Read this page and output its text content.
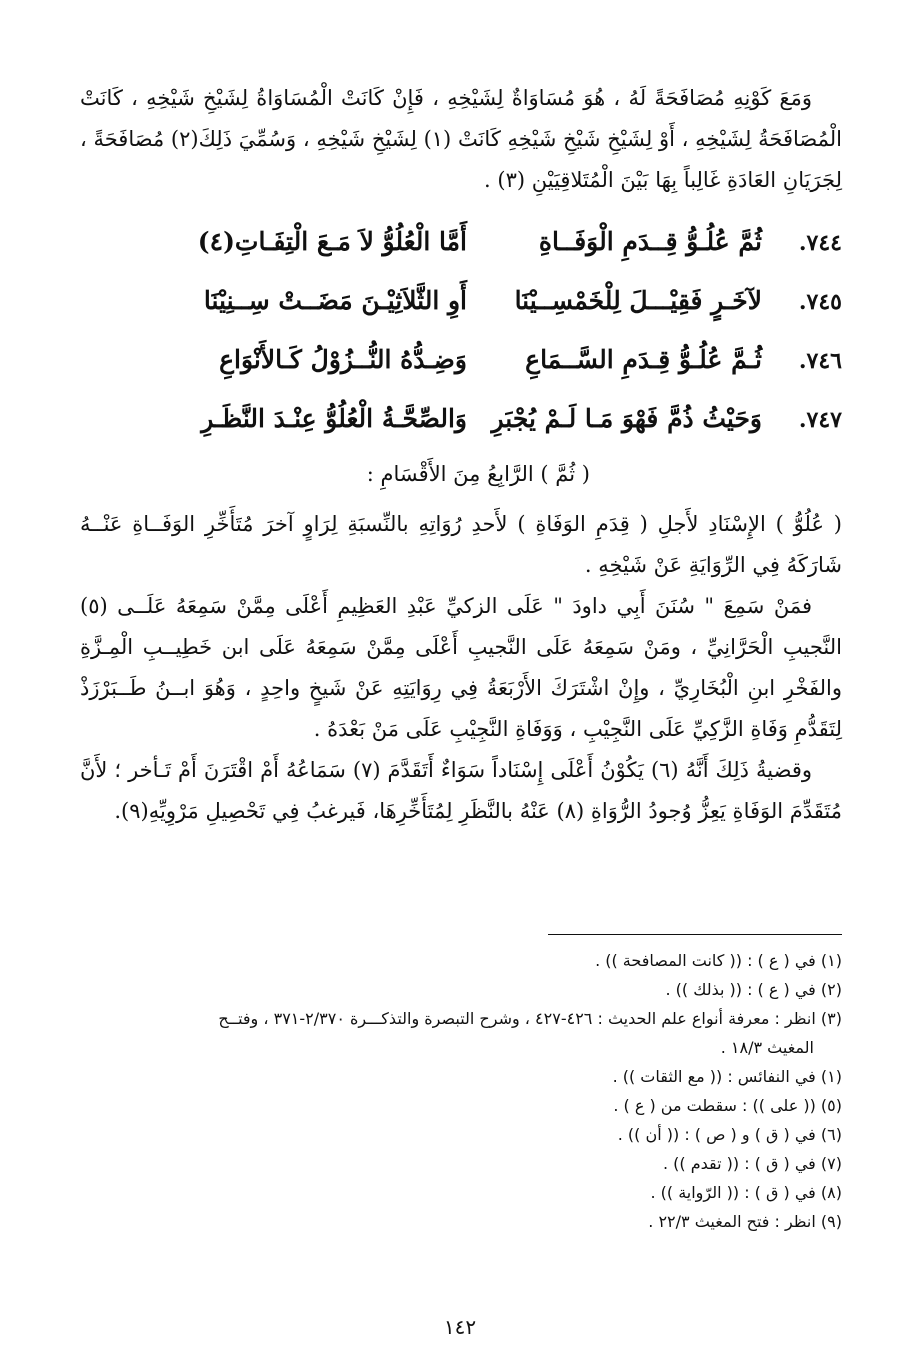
وَمَعَ كَوْنِهِ مُصَافَحَةً لَهُ ، هُوَ مُسَاوَاةٌ لِشَيْخِهِ ، فَإِنْ كَانَتْ الْمُسَاوَاةُ لِشَيْخِ شَيْخِهِ ، كَانَتْ الْمُصَافَحَةُ لِشَيْخِهِ ، أَوْ لِشَيْخِ شَيْخِ شَيْخِهِ كَانَتْ (١) لِشَيْخِ شَيْخِهِ ، وَسُمِّيَ ذَلِكَ(٢) مُصَافَحَةً ، لِجَرَيَانِ العَادَةِ غَالِباً بِهَا بَيْنَ الْمُتَلاقِيَيْنِ (٣) .

٧٤٤.
ثُمَّ عُلُـوُّ قِــدَمِ الْوَفَــاةِ
أَمَّا الْعُلُوُّ لاَ مَـعَ الْتِفَـاتِ(٤)
٧٤٥.
لآخَـرٍ فَقِيْـــلَ لِلْخَمْسِــيْنَا
أَوِ الثَّلاَثِيْـنَ مَضَــتْ سِــنِيْنَا
٧٤٦.
ثُـمَّ عُلُـوُّ قِـدَمِ السَّــمَاعِ
وَضِـدُّهُ النُّــزُوْلُ كَـالأَنْوَاعِ
٧٤٧.
وَحَيْثُ ذُمَّ فَهْوَ مَـا لَـمْ يُجْبَرِ
وَالصِّحَّـةُ الْعُلُوُّ عِنْـدَ النَّظَـرِ
( ثُمَّ ) الرَّابِعُ مِنَ الأَقْسَامِ :

( عُلُوُّ ) الإِسْنَادِ لأَجلِ ( قِدَمِ الوَفَاةِ ) لأَحدِ رُوَاتِهِ بالنِّسبَةِ لِرَاوٍ آخرَ مُتَأَخِّرِ الوَفَــاةِ عَنْــهُ شَارَكَهُ فِي الرِّوَايَةِ عَنْ شَيْخِهِ .

فمَنْ سَمِعَ " سُنَنَ أَبِي داودَ " عَلَى الزكيِّ عَبْدِ العَظِيمِ أَعْلَى مِمَّنْ سَمِعَهُ عَلَــى (٥) النَّجيبِ الْحَرَّانِيِّ ، ومَنْ سَمِعَهُ عَلَى النَّجيبِ أَعْلَى مِمَّنْ سَمِعَهُ عَلَى ابن خَطِيــبِ الْمِـزَّةِ والفَخْرِ ابنِ الْبُخَارِيِّ ، وإِنْ اشْتَرَكَ الأَرْبَعَةُ فِي رِوَايَتِهِ عَنْ شَيخٍ واحِدٍ ، وَهُوَ ابــنُ طَــبَرْزَذْ لِتَقَدُّمِ وَفَاةِ الزَّكِيِّ عَلَى النَّجِيْبِ ، وَوَفَاةِ النَّجِيْبِ عَلَى مَنْ بَعْدَهُ .

وقضيةُ ذَلِكَ أَنَّهُ (٦) يَكُوْنُ أَعْلَى إِسْنَاداً سَوَاءٌ أَتَقَدَّمَ (٧) سَمَاعُهُ أَمْ اقْتَرَنَ أَمْ تَـأخر ؛ لأَنَّ مُتَقَدِّمَ الوَفَاةِ يَعِزُّ وُجودُ الرُّوَاةِ (٨) عَنْهُ بالنَّظَرِ لِمُتَأَخِّرِهَا، فَيرغبُ فِي تَحْصِيلِ مَرْوِيِّهِ(٩).

(١) في ( ع ) : (( كانت المصافحة )) .

(٢) في ( ع ) : (( بذلك )) .

(٣) انظر : معرفة أنواع علم الحديث : ٤٢٦-٤٢٧ ، وشرح التبصرة والتذكـــرة ٢/٣٧٠-٣٧١ ، وفتــح

المغيث ١٨/٣ .

(١) في النفائس : (( مع الثقات )) .

(٥) (( على )) : سقطت من ( ع ) .

(٦) في ( ق ) و ( ص ) : (( أن )) .

(٧) في ( ق ) : (( تقدم )) .

(٨) في ( ق ) : (( الرّواية )) .

(٩) انظر : فتح المغيث ٢٢/٣ .

١٤٢
